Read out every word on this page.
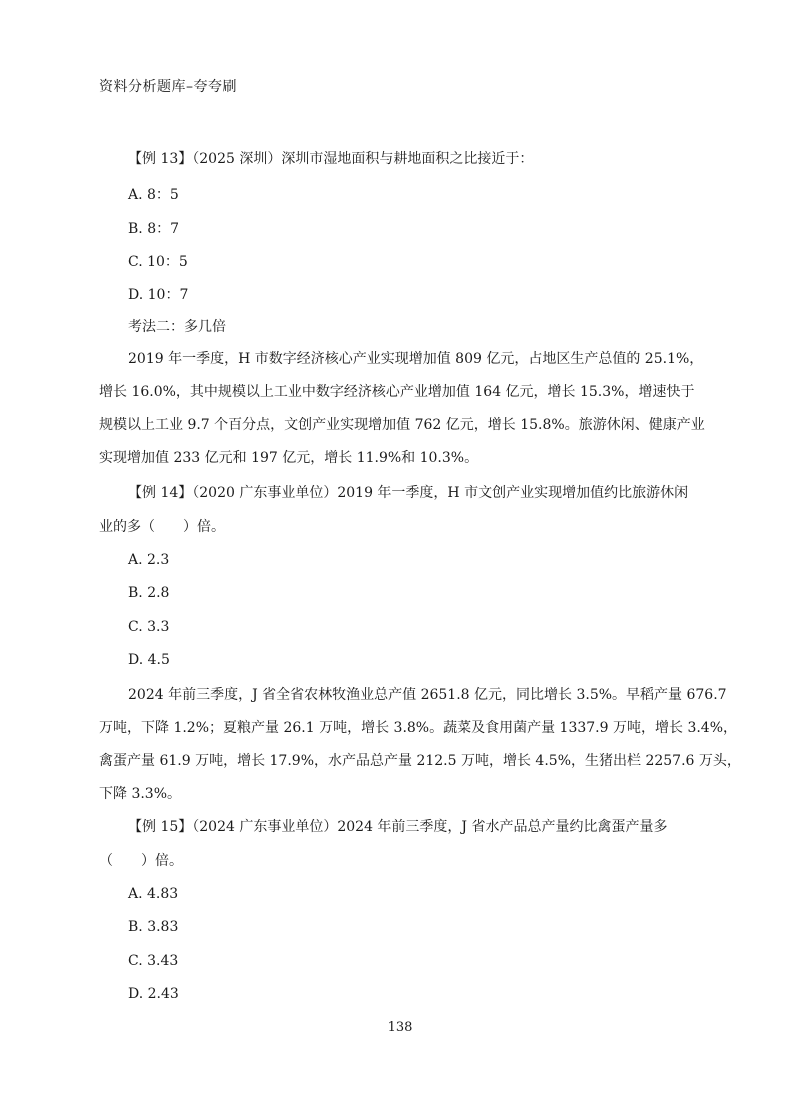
资料分析题库–夸夸刷
【例 13】（2025 深圳）深圳市湿地面积与耕地面积之比接近于：
A. 8：5
B. 8：7
C. 10：5
D. 10：7
考法二：多几倍
2019 年一季度，H 市数字经济核心产业实现增加值 809 亿元，占地区生产总值的 25.1%，
增长 16.0%，其中规模以上工业中数字经济核心产业增加值 164 亿元，增长 15.3%，增速快于
规模以上工业 9.7 个百分点，文创产业实现增加值 762 亿元，增长 15.8%。旅游休闲、健康产业
实现增加值 233 亿元和 197 亿元，增长 11.9%和 10.3%。
【例 14】（2020 广东事业单位）2019 年一季度，H 市文创产业实现增加值约比旅游休闲
业的多（　　）倍。
A. 2.3
B. 2.8
C. 3.3
D. 4.5
2024 年前三季度，J 省全省农林牧渔业总产值 2651.8 亿元，同比增长 3.5%。早稻产量 676.7
万吨，下降 1.2%；夏粮产量 26.1 万吨，增长 3.8%。蔬菜及食用菌产量 1337.9 万吨，增长 3.4%，
禽蛋产量 61.9 万吨，增长 17.9%，水产品总产量 212.5 万吨，增长 4.5%，生猪出栏 2257.6 万头，
下降 3.3%。
【例 15】（2024 广东事业单位）2024 年前三季度，J 省水产品总产量约比禽蛋产量多
（　　）倍。
A. 4.83
B. 3.83
C. 3.43
D. 2.43
138
